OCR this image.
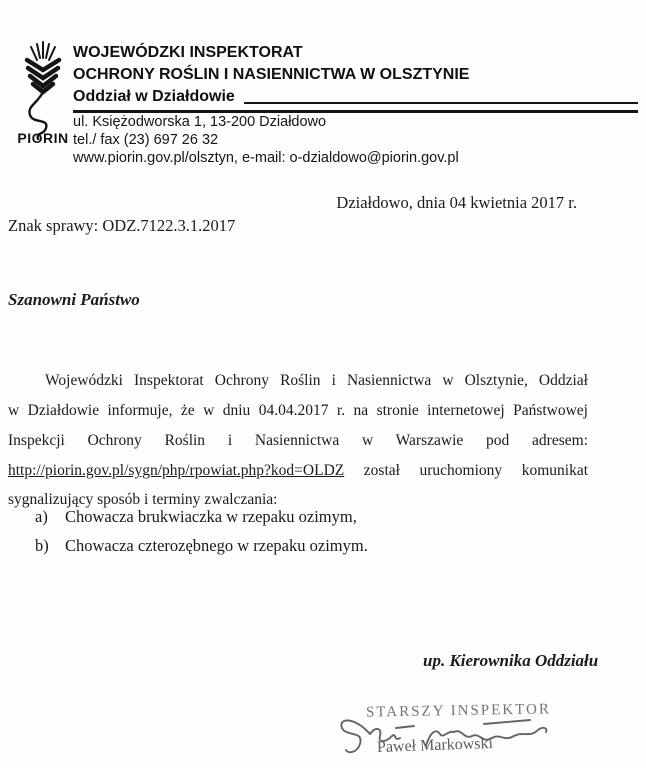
PIORIN
WOJEWÓDZKI INSPEKTORAT
OCHRONY ROŚLIN I NASIENNICTWA W OLSZTYNIE
Oddział w Działdowie
ul. Księżodworska 1, 13-200 Działdowo
tel./ fax (23) 697 26 32
www.piorin.gov.pl/olsztyn, e-mail: o-dzialdowo@piorin.gov.pl
Działdowo, dnia 04 kwietnia 2017 r.
Znak sprawy: ODZ.7122.3.1.2017
Szanowni Państwo
Wojewódzki Inspektorat Ochrony Roślin i Nasiennictwa w Olsztynie, Oddział
w Działdowie informuje, że w dniu 04.04.2017 r. na stronie internetowej Państwowej
Inspekcji Ochrony Roślin i Nasiennictwa w Warszawie pod adresem:
http://piorin.gov.pl/sygn/php/rpowiat.php?kod=OLDZ został uruchomiony komunikat
sygnalizujący sposób i terminy zwalczania:
a) Chowacza brukwiaczka w rzepaku ozimym,
b) Chowacza czterozębnego w rzepaku ozimym.
up. Kierownika Oddziału
STARSZY INSPEKTOR
Paweł Markowski
